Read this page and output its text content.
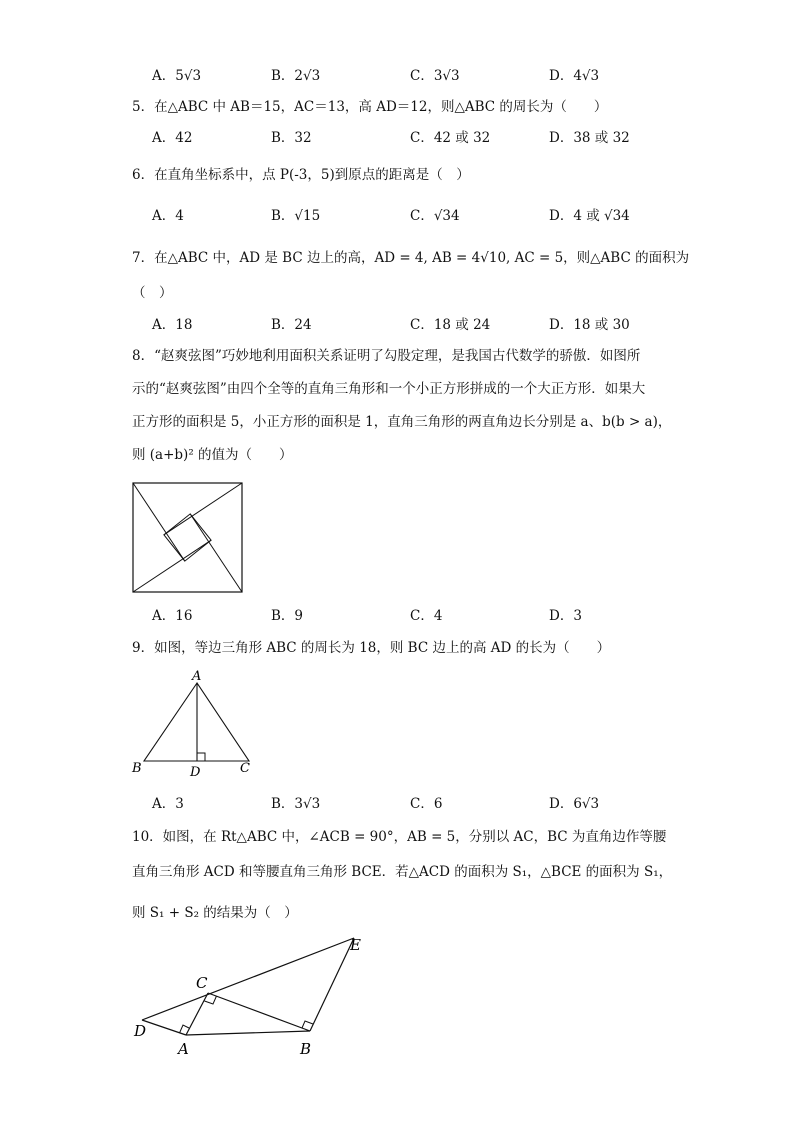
A．5√3	B．2√3	C．3√3	D．4√3
5．在△ABC 中 AB＝15，AC＝13，高 AD＝12，则△ABC 的周长为（　　）
A．42	B．32	C．42 或 32	D．38 或 32
6．在直角坐标系中，点 P(-3，5)到原点的距离是（　）
A．4	B．√15	C．√34	D．4 或 √34
7．在△ABC 中，AD 是 BC 边上的高，AD = 4, AB = 4√10, AC = 5，则△ABC 的面积为
（　）
A．18	B．24	C．18 或 24	D．18 或 30
8．“赵爽弦图”巧妙地利用面积关系证明了勾股定理，是我国古代数学的骄傲．如图所
示的“赵爽弦图”由四个全等的直角三角形和一个小正方形拼成的一个大正方形．如果大
正方形的面积是 5，小正方形的面积是 1，直角三角形的两直角边长分别是 a、b(b > a)，
则 (a+b)² 的值为（　　）
A．16	B．9	C．4	D．3
9．如图，等边三角形 ABC 的周长为 18，则 BC 边上的高 AD 的长为（　　）
A
B	D	C
A．3	B．3√3	C．6	D．6√3
10．如图，在 Rt△ABC 中，∠ACB = 90°，AB = 5，分别以 AC，BC 为直角边作等腰
直角三角形 ACD 和等腰直角三角形 BCE．若△ACD 的面积为 S₁，△BCE 的面积为 S₁，
则 S₁ + S₂ 的结果为（　）
C
E
D
A	B
